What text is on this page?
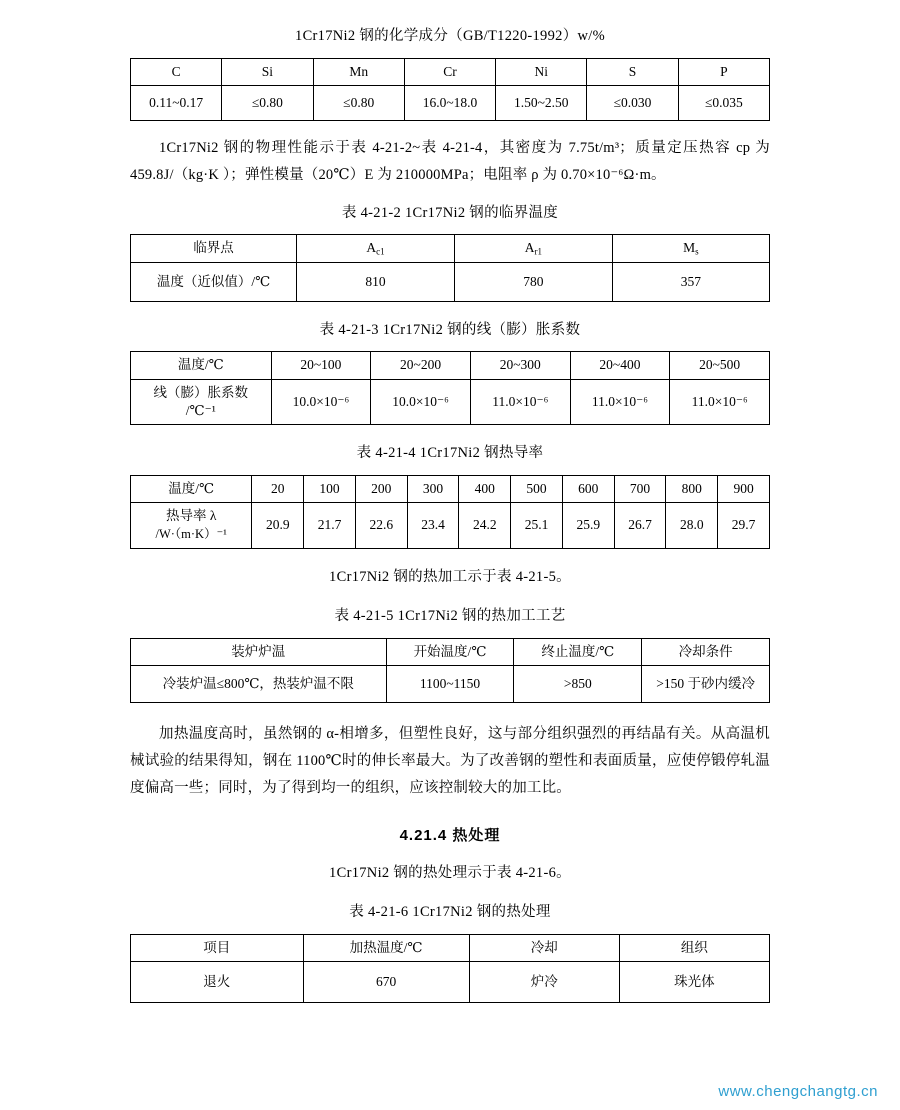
1Cr17Ni2 钢的化学成分（GB/T1220-1992）w/%
C	Si	Mn	Cr	Ni	S	P
0.11~0.17	≤0.80	≤0.80	16.0~18.0	1.50~2.50	≤0.030	≤0.035
1Cr17Ni2 钢的物理性能示于表 4-21-2~表 4-21-4，其密度为 7.75t/m³；质量定压热容 cp 为 459.8J/（kg·K ）；弹性模量（20℃）E 为 210000MPa；电阻率 ρ 为 0.70×10⁻⁶Ω·m。
表 4-21-2 1Cr17Ni2 钢的临界温度
临界点	$A_{c1}$	$A_{r1}$	$M_s$
温度（近似值）/℃	810	780	357
表 4-21-3 1Cr17Ni2 钢的线（膨）胀系数
温度/℃	20~100	20~200	20~300	20~400	20~500
线（膨）胀系数
/℃⁻¹	10.0×10⁻⁶	10.0×10⁻⁶	11.0×10⁻⁶	11.0×10⁻⁶	11.0×10⁻⁶
表 4-21-4 1Cr17Ni2 钢热导率
温度/℃	20	100	200	300	400	500	600	700	800	900
热导率 λ
/W·（m·K）⁻¹	20.9	21.7	22.6	23.4	24.2	25.1	25.9	26.7	28.0	29.7
1Cr17Ni2 钢的热加工示于表 4-21-5。
表 4-21-5 1Cr17Ni2 钢的热加工工艺
装炉炉温	开始温度/℃	终止温度/℃	冷却条件
冷装炉温≤800℃，热装炉温不限	1100~1150	>850	>150 于砂内缓冷
加热温度高时，虽然钢的 α-相增多，但塑性良好，这与部分组织强烈的再结晶有关。从高温机械试验的结果得知，钢在 1100℃时的伸长率最大。为了改善钢的塑性和表面质量，应使停锻停轧温度偏高一些；同时，为了得到均一的组织，应该控制较大的加工比。
4.21.4 热处理
1Cr17Ni2 钢的热处理示于表 4-21-6。
表 4-21-6 1Cr17Ni2 钢的热处理
项目	加热温度/℃	冷却	组织
退火	670	炉冷	珠光体
www.chengchangtg.cn
